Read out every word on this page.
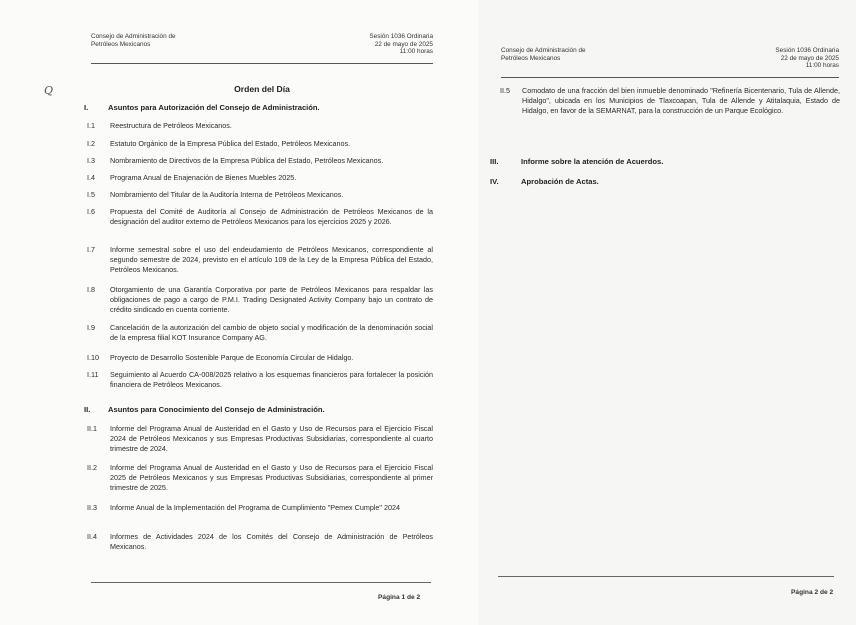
Consejo de Administración de
Petróleos Mexicanos
Sesión 1036 Ordinaria
22 de mayo de 2025
11:00 horas
Q	Orden del Día
I.	Asuntos para Autorización del Consejo de Administración.
I.1 Reestructura de Petróleos Mexicanos.
I.2 Estatuto Orgánico de la Empresa Pública del Estado, Petróleos Mexicanos.
I.3 Nombramiento de Directivos de la Empresa Pública del Estado, Petróleos Mexicanos.
I.4 Programa Anual de Enajenación de Bienes Muebles 2025.
I.5 Nombramiento del Titular de la Auditoría Interna de Petróleos Mexicanos.
I.6 Propuesta del Comité de Auditoría al Consejo de Administración de Petróleos Mexicanos de la designación del auditor externo de Petróleos Mexicanos para los ejercicios 2025 y 2026.
I.7 Informe semestral sobre el uso del endeudamiento de Petróleos Mexicanos, correspondiente al segundo semestre de 2024, previsto en el artículo 109 de la Ley de la Empresa Pública del Estado, Petróleos Mexicanos.
I.8 Otorgamiento de una Garantía Corporativa por parte de Petróleos Mexicanos para respaldar las obligaciones de pago a cargo de P.M.I. Trading Designated Activity Company bajo un contrato de crédito sindicado en cuenta corriente.
I.9 Cancelación de la autorización del cambio de objeto social y modificación de la denominación social de la empresa filial KOT Insurance Company AG.
I.10 Proyecto de Desarrollo Sostenible Parque de Economía Circular de Hidalgo.
I.11 Seguimiento al Acuerdo CA-008/2025 relativo a los esquemas financieros para fortalecer la posición financiera de Petróleos Mexicanos.
II. Asuntos para Conocimiento del Consejo de Administración.
II.1 Informe del Programa Anual de Austeridad en el Gasto y Uso de Recursos para el Ejercicio Fiscal 2024 de Petróleos Mexicanos y sus Empresas Productivas Subsidiarias, correspondiente al cuarto trimestre de 2024.
II.2 Informe del Programa Anual de Austeridad en el Gasto y Uso de Recursos para el Ejercicio Fiscal 2025 de Petróleos Mexicanos y sus Empresas Productivas Subsidiarias, correspondiente al primer trimestre de 2025.
II.3 Informe Anual de la Implementación del Programa de Cumplimiento "Pemex Cumple" 2024
II.4 Informes de Actividades 2024 de los Comités del Consejo de Administración de Petróleos Mexicanos.
Página 1 de 2
Consejo de Administración de
Petróleos Mexicanos
Sesión 1036 Ordinaria
22 de mayo de 2025
11:00 horas
II.5 Comodato de una fracción del bien inmueble denominado "Refinería Bicentenario, Tula de Allende, Hidalgo", ubicada en los Municipios de Tlaxcoapan, Tula de Allende y Atitalaquia, Estado de Hidalgo, en favor de la SEMARNAT, para la construcción de un Parque Ecológico.
III.	Informe sobre la atención de Acuerdos.
IV.	Aprobación de Actas.
Página 2 de 2
